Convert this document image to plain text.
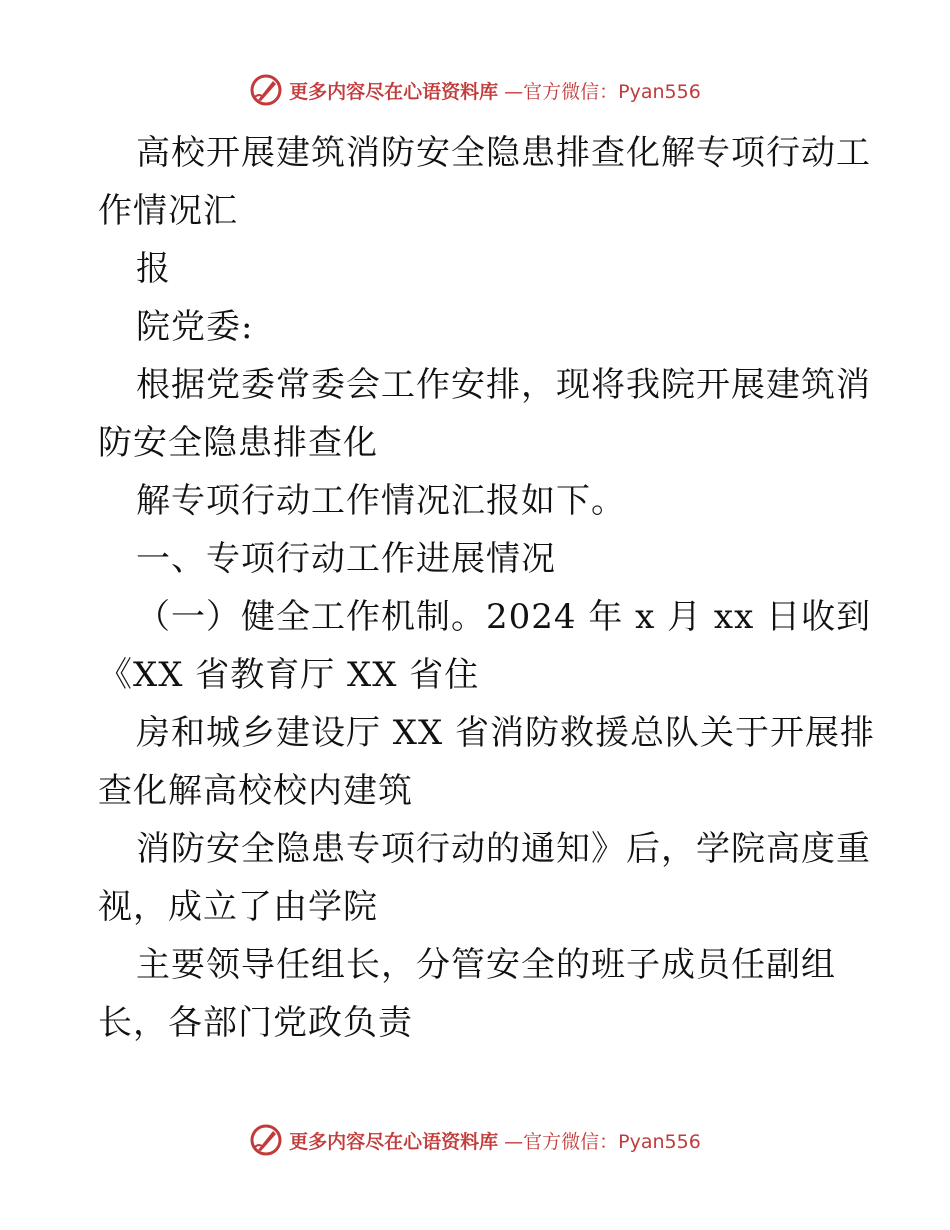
更多内容尽在心语资料库 —官方微信：Pyan556
高校开展建筑消防安全隐患排查化解专项行动工
作情况汇
报
院党委:
根据党委常委会工作安排，现将我院开展建筑消
防安全隐患排查化
解专项行动工作情况汇报如下。
一、专项行动工作进展情况
（一）健全工作机制。2024 年 x 月 xx 日收到
《XX 省教育厅 XX 省住
房和城乡建设厅 XX 省消防救援总队关于开展排
查化解高校校内建筑
消防安全隐患专项行动的通知》后，学院高度重
视，成立了由学院
主要领导任组长，分管安全的班子成员任副组
长，各部门党政负责
更多内容尽在心语资料库 —官方微信：Pyan556
